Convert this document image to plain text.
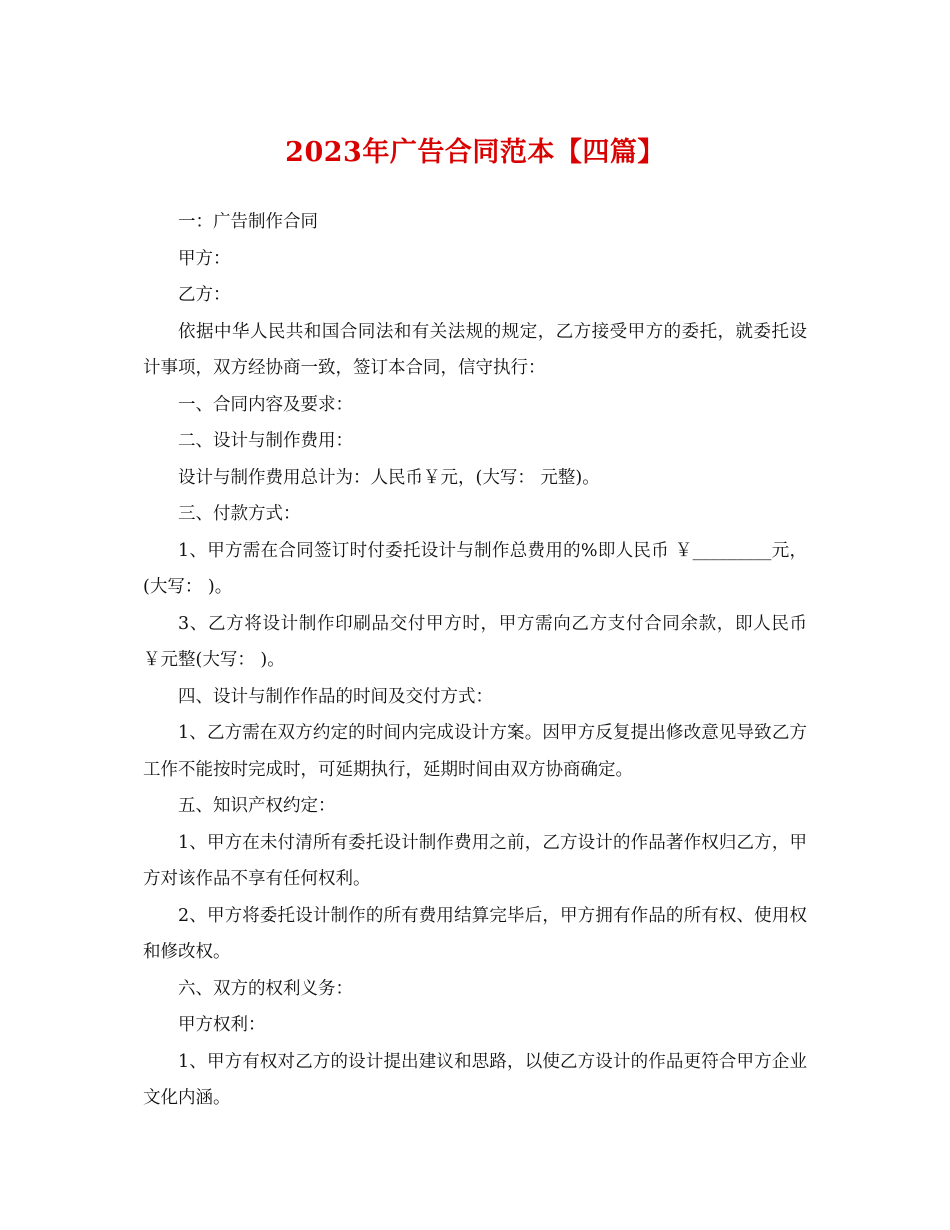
2023年广告合同范本【四篇】

一：广告制作合同

甲方：

乙方：

依据中华人民共和国合同法和有关法规的规定，乙方接受甲方的委托，就委托设计事项，双方经协商一致，签订本合同，信守执行：

一、合同内容及要求：

二、设计与制作费用：

设计与制作费用总计为：人民币￥元，(大写： 元整)。

三、付款方式：

1、甲方需在合同签订时付委托设计与制作总费用的%即人民币 ￥_________元，(大写： )。

3、乙方将设计制作印刷品交付甲方时，甲方需向乙方支付合同余款，即人民币￥元整(大写： )。

四、设计与制作作品的时间及交付方式：

1、乙方需在双方约定的时间内完成设计方案。因甲方反复提出修改意见导致乙方工作不能按时完成时，可延期执行，延期时间由双方协商确定。

五、知识产权约定：

1、甲方在未付清所有委托设计制作费用之前，乙方设计的作品著作权归乙方，甲方对该作品不享有任何权利。

2、甲方将委托设计制作的所有费用结算完毕后，甲方拥有作品的所有权、使用权和修改权。

六、双方的权利义务：

甲方权利：

1、甲方有权对乙方的设计提出建议和思路，以使乙方设计的作品更符合甲方企业文化内涵。
